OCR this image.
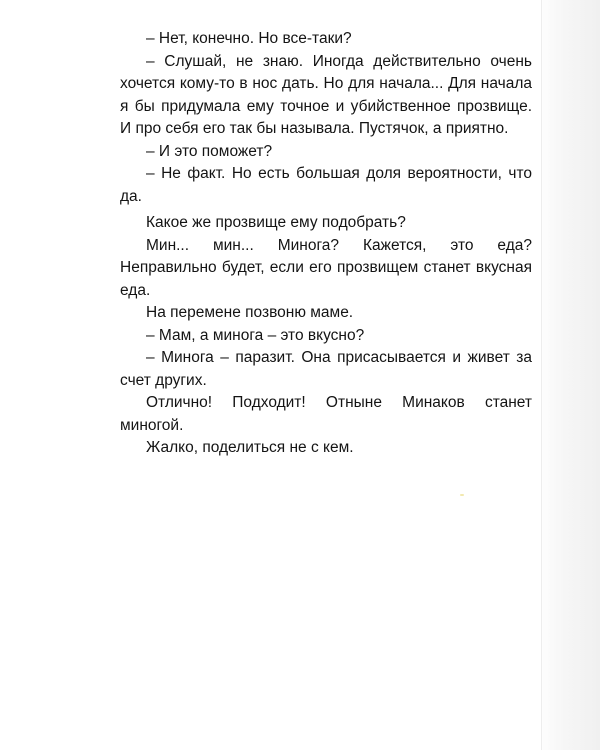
– Нет, конечно. Но все-таки?

– Слушай, не знаю. Иногда действительно очень хочется кому-то в нос дать. Но для начала... Для начала я бы придумала ему точное и убийственное прозвище. И про себя его так бы называла. Пустячок, а приятно.

– И это поможет?

– Не факт. Но есть большая доля вероятности, что да.

Какое же прозвище ему подобрать?

Мин... мин... Минога? Кажется, это еда? Неправильно будет, если его прозвищем станет вкусная еда.

На перемене позвоню маме.

– Мам, а минога – это вкусно?

– Минога – паразит. Она присасывается и живет за счет других.

Отлично! Подходит! Отныне Минаков станет миногой.

Жалко, поделиться не с кем.
